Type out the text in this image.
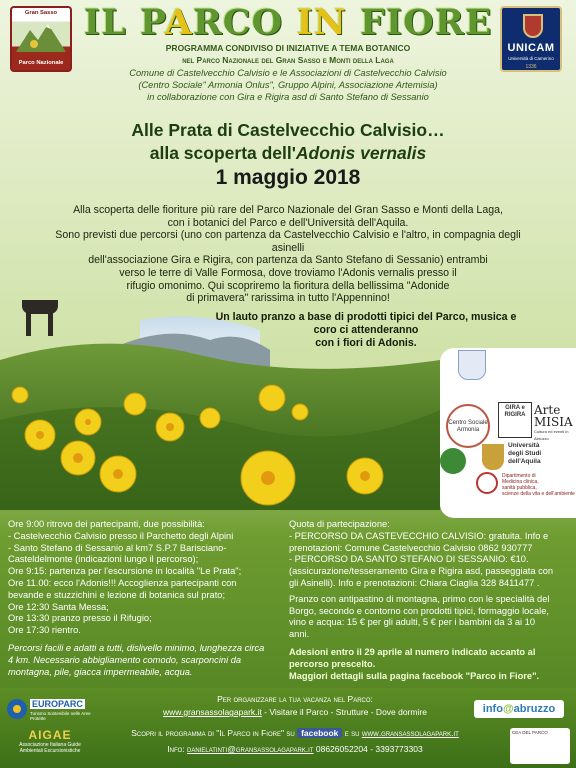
Gran Sasso
Parco Nazionale
IL PARCO IN FIORE
UNICAM
Università di Camerino
1336
PROGRAMMA CONDIVISO DI INIZIATIVE A TEMA BOTANICO
nel Parco Nazionale del Gran Sasso e Monti della Laga
Comune di Castelvecchio Calvisio e le Associazioni di Castelvecchio Calvisio
(Centro Sociale" Armonia Onlus", Gruppo Alpini, Associazione Artemisia)
in collaborazione con Gira e Rigira asd di Santo Stefano di Sessanio
Alle Prata di Castelvecchio Calvisio…
alla scoperta dell'Adonis vernalis
1 maggio 2018
Alla scoperta delle fioriture più rare del Parco Nazionale del Gran Sasso e Monti della Laga,
con i botanici del Parco e dell'Università dell'Aquila.
Sono previsti due percorsi (uno con partenza da Castelvecchio Calvisio e l'altro, in compagnia degli asinelli
dell'associazione Gira e Rigira, con partenza da Santo Stefano di Sessanio) entrambi
verso le terre di Valle Formosa, dove troviamo l'Adonis vernalis presso il
rifugio omonimo. Qui scopriremo la fioritura della bellissima "Adonide
di primavera" rarissima in tutto l'Appennino!
Un lauto pranzo a base di prodotti tipici del Parco, musica e
coro ci attenderanno
con i fiori di Adonis.
Centro Sociale Armonia
GIRA e RIGIRA Arte
MISIA
Cultura ed eventi in Abruzzo
Università
degli Studi
dell'Aquila
Dipartimento di
Medicina clinica,
sanità pubblica,
scienze della vita e dell'ambiente
Ore 9:00 ritrovo dei partecipanti, due possibilità:
- Castelvecchio Calvisio presso il Parchetto degli Alpini
- Santo Stefano di Sessanio al km7 S.P.7 Barisciano-
Casteldelmonte (indicazioni lungo il percorso);
Ore 9:15: partenza per l'escursione in località "Le Prata";
Ore 11.00: ecco l'Adonis!!! Accoglienza partecipanti con
bevande e stuzzichini e lezione di botanica sul prato;
Ore 12:30 Santa Messa;
Ore 13:30 pranzo presso il Rifugio;
Ore 17:30 rientro.
Percorsi facili e adatti a tutti, dislivello minimo, lunghezza circa
4 km. Necessario abbigliamento comodo, scarponcini da
montagna, pile, giacca impermeabile, acqua.
Quota di partecipazione:
- PERCORSO DA CASTEVECCHIO CALVISIO: gratuita. Info e
prenotazioni: Comune Castelvecchio Calvisio 0862 930777
- PERCORSO DA SANTO STEFANO DI SESSANIO: €10.
(assicurazione/tesseramento Gira e Rigira asd, passeggiata con
gli Asinelli). Info e prenotazioni: Chiara Ciaglia 328 8411477 .
Pranzo con antipastino di montagna, primo con le specialità del
Borgo, secondo e contorno con prodotti tipici, formaggio locale,
vino e acqua: 15 € per gli adulti, 5 € per i bambini da 3 ai 10
anni.
Adesioni entro il 29 aprile al numero indicato accanto al
percorso prescelto.
Maggiori dettagli sulla pagina facebook "Parco in Fiore".
EUROPARC
Turismo Sostenibile nelle Aree Protette
AIGAE
Associazione Italiana Guide Ambientali Escursionistiche
Per organizzare la tua vacanza nel Parco:
www.gransassolagapark.it - Visitare il Parco - Strutture - Dove dormire
Scopri il programma di "Il Parco in Fiore" su facebook e su www.gransassolagapark.it
Info: danielatinti@gransassolagapark.it 08626052204 - 3393773303
info@abruzzo
CEA DEL PARCO
